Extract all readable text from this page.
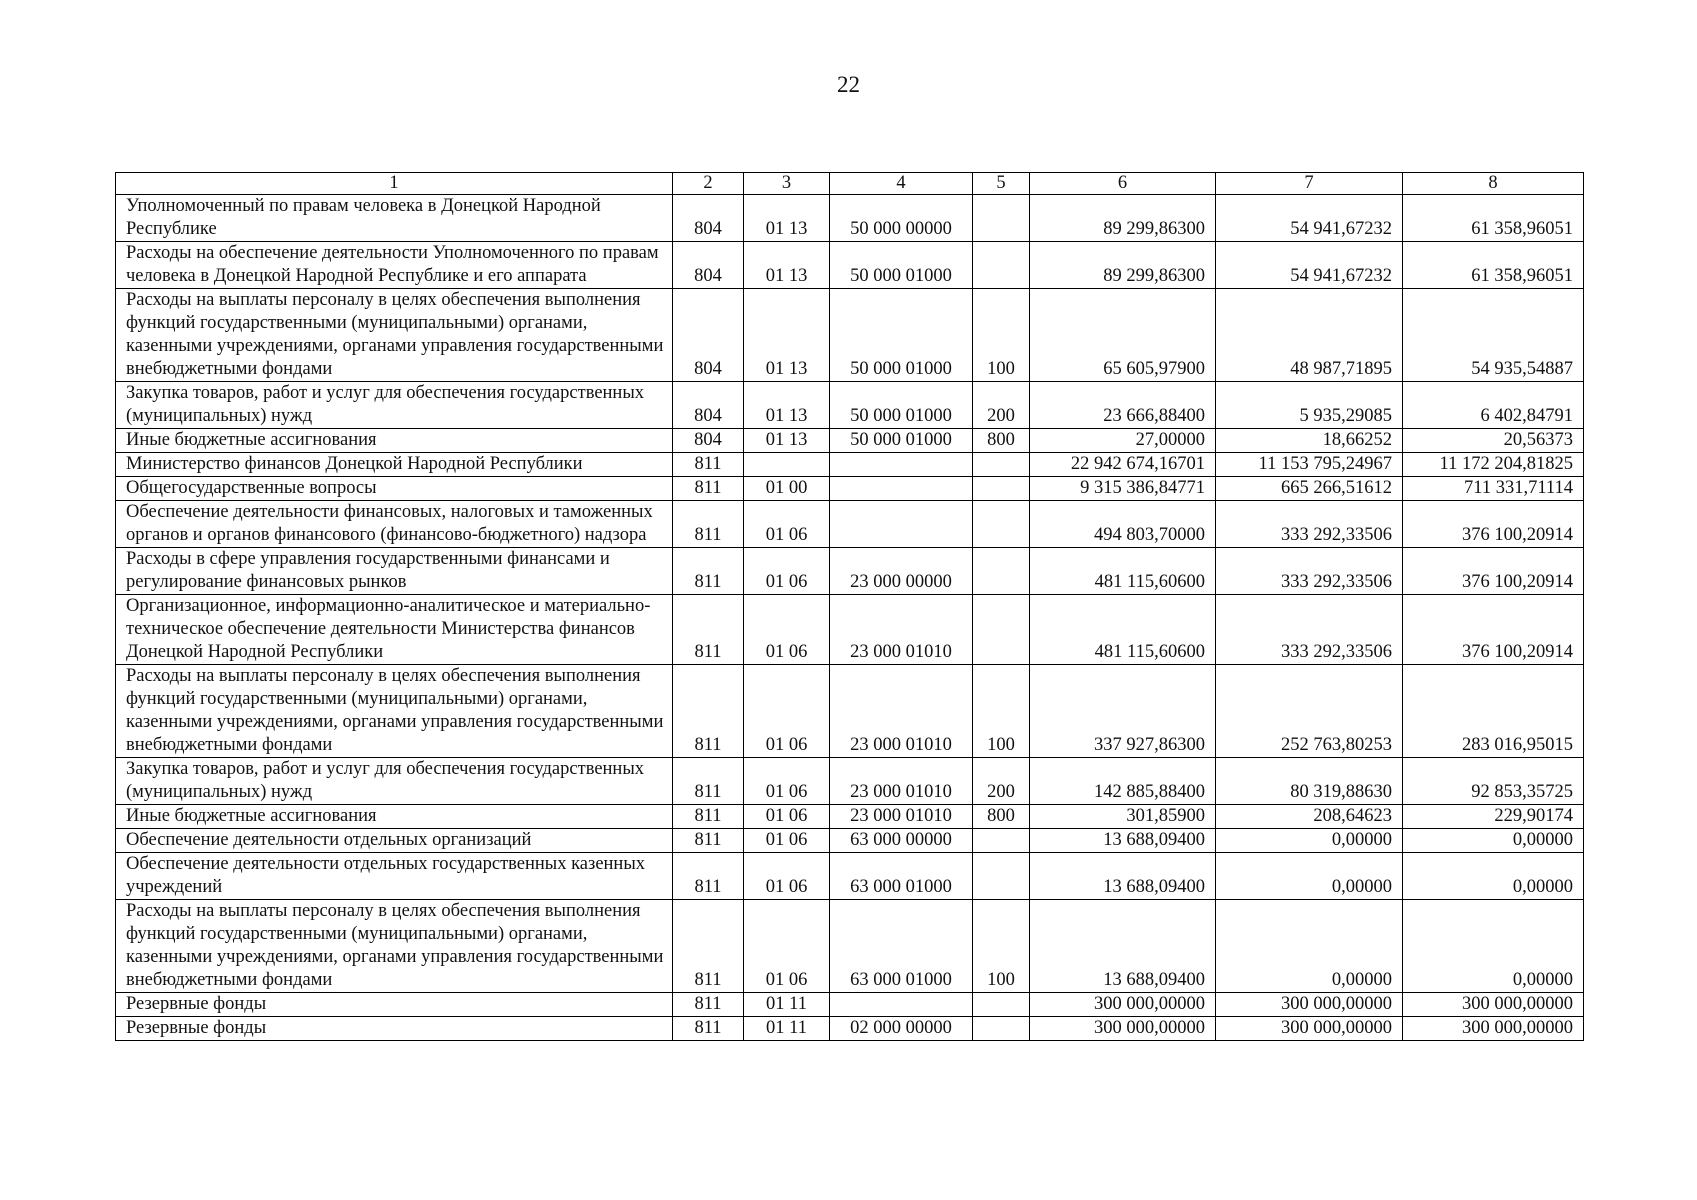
22
1	2	3	4	5	6	7	8
Уполномоченный по правам человека в Донецкой Народной Республике	804	01 13	50 000 00000		89 299,86300	54 941,67232	61 358,96051
Расходы на обеспечение деятельности Уполномоченного по правам человека в Донецкой Народной Республике и его аппарата	804	01 13	50 000 01000		89 299,86300	54 941,67232	61 358,96051
Расходы на выплаты персоналу в целях обеспечения выполнения функций государственными (муниципальными) органами, казенными учреждениями, органами управления государственными внебюджетными фондами	804	01 13	50 000 01000	100	65 605,97900	48 987,71895	54 935,54887
Закупка товаров, работ и услуг для обеспечения государственных (муниципальных) нужд	804	01 13	50 000 01000	200	23 666,88400	5 935,29085	6 402,84791
Иные бюджетные ассигнования	804	01 13	50 000 01000	800	27,00000	18,66252	20,56373
Министерство финансов Донецкой Народной Республики	811				22 942 674,16701	11 153 795,24967	11 172 204,81825
Общегосударственные вопросы	811	01 00			9 315 386,84771	665 266,51612	711 331,71114
Обеспечение деятельности финансовых, налоговых и таможенных органов и органов финансового (финансово-бюджетного) надзора	811	01 06			494 803,70000	333 292,33506	376 100,20914
Расходы в сфере управления государственными финансами и регулирование финансовых рынков	811	01 06	23 000 00000		481 115,60600	333 292,33506	376 100,20914
Организационное, информационно-аналитическое и материально-техническое обеспечение деятельности Министерства финансов Донецкой Народной Республики	811	01 06	23 000 01010		481 115,60600	333 292,33506	376 100,20914
Расходы на выплаты персоналу в целях обеспечения выполнения функций государственными (муниципальными) органами, казенными учреждениями, органами управления государственными внебюджетными фондами	811	01 06	23 000 01010	100	337 927,86300	252 763,80253	283 016,95015
Закупка товаров, работ и услуг для обеспечения государственных (муниципальных) нужд	811	01 06	23 000 01010	200	142 885,88400	80 319,88630	92 853,35725
Иные бюджетные ассигнования	811	01 06	23 000 01010	800	301,85900	208,64623	229,90174
Обеспечение деятельности отдельных организаций	811	01 06	63 000 00000		13 688,09400	0,00000	0,00000
Обеспечение деятельности отдельных государственных казенных учреждений	811	01 06	63 000 01000		13 688,09400	0,00000	0,00000
Расходы на выплаты персоналу в целях обеспечения выполнения функций государственными (муниципальными) органами, казенными учреждениями, органами управления государственными внебюджетными фондами	811	01 06	63 000 01000	100	13 688,09400	0,00000	0,00000
Резервные фонды	811	01 11			300 000,00000	300 000,00000	300 000,00000
Резервные фонды	811	01 11	02 000 00000		300 000,00000	300 000,00000	300 000,00000
